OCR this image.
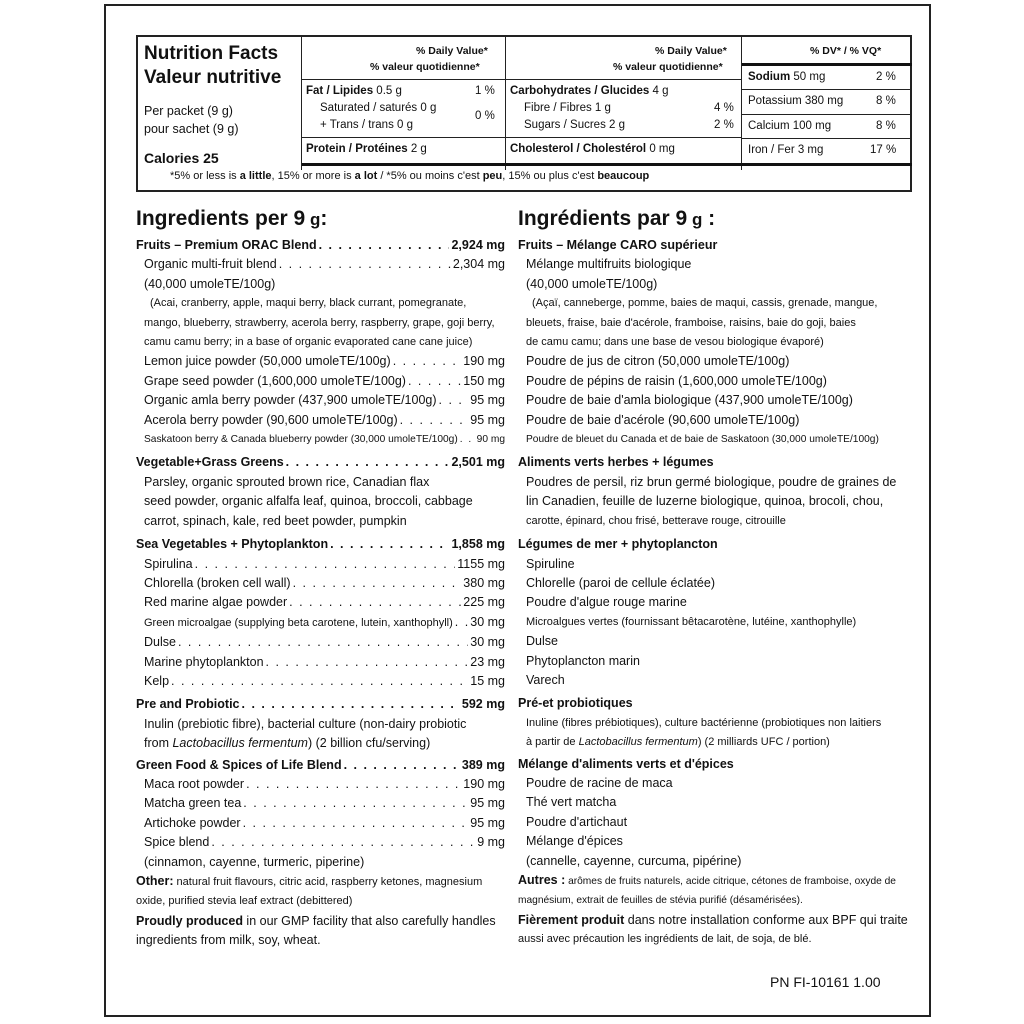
Nutrition Facts
Valeur nutritive
Per packet (9 g)
pour sachet (9 g)
Calories 25
% Daily Value*
% valeur quotidienne*
Fat / Lipides 0.5 g	1 %
Saturated / saturés 0 g
+ Trans / trans 0 g
0 %
Protein / Protéines 2 g
% Daily Value*
% valeur quotidienne*
Carbohydrates / Glucides 4 g
Fibre / Fibres 1 g	4 %
Sugars / Sucres 2 g	2 %
Cholesterol / Cholestérol 0 mg
% DV* / % VQ*
Sodium 50 mg	2 %
Potassium 380 mg	8 %
Calcium 100 mg	8 %
Iron / Fer 3 mg	17 %
*5% or less is a little, 15% or more is a lot / *5% ou moins c'est peu, 15% ou plus c'est beaucoup
Ingredients per 9 g:
Fruits – Premium ORAC Blend . . .	2,924 mg
Organic multi-fruit blend . . .	2,304 mg
(40,000 umoleTE/100g)
(Acai, cranberry, apple, maqui berry, black currant, pomegranate,
mango, blueberry, strawberry, acerola berry, raspberry, grape, goji berry,
camu camu berry; in a base of organic evaporated cane cane juice)
Lemon juice powder (50,000 umoleTE/100g) . . .	190 mg
Grape seed powder (1,600,000 umoleTE/100g) . . .	150 mg
Organic amla berry powder (437,900 umoleTE/100g) . . .	95 mg
Acerola berry powder (90,600 umoleTE/100g) . . .	95 mg
Saskatoon berry & Canada blueberry powder (30,000 umoleTE/100g) . . . 90 mg
Vegetable+Grass Greens . . .	2,501 mg
Parsley, organic sprouted brown rice, Canadian flax
seed powder, organic alfalfa leaf, quinoa, broccoli, cabbage
carrot, spinach, kale, red beet powder, pumpkin
Sea Vegetables + Phytoplankton . . .	1,858 mg
Spirulina . . .	1155 mg
Chlorella (broken cell wall) . . .	380 mg
Red marine algae powder . . .	225 mg
Green microalgae (supplying beta carotene, lutein, xanthophyll) . . . 30 mg
Dulse . . .	30 mg
Marine phytoplankton . . .	23 mg
Kelp . . .	15 mg
Pre and Probiotic . . .	592 mg
Inulin (prebiotic fibre), bacterial culture (non-dairy probiotic
from Lactobacillus fermentum) (2 billion cfu/serving)
Green Food & Spices of Life Blend . . .	389 mg
Maca root powder . . .	190 mg
Matcha green tea . . .	95 mg
Artichoke powder . . .	95 mg
Spice blend . . .	9 mg
(cinnamon, cayenne, turmeric, piperine)
Other: natural fruit flavours, citric acid, raspberry ketones, magnesium
oxide, purified stevia leaf extract (debittered)
Proudly produced in our GMP facility that also carefully handles
ingredients from milk, soy, wheat.
Ingrédients par 9 g :
Fruits – Mélange CARO supérieur
Mélange multifruits biologique
(40,000 umoleTE/100g)
(Açaï, canneberge, pomme, baies de maqui, cassis, grenade, mangue,
bleuets, fraise, baie d'acérole, framboise, raisins, baie do goji, baies
de camu camu; dans une base de vesou biologique évaporé)
Poudre de jus de citron (50,000 umoleTE/100g)
Poudre de pépins de raisin (1,600,000 umoleTE/100g)
Poudre de baie d'amla biologique (437,900 umoleTE/100g)
Poudre de baie d'acérole (90,600 umoleTE/100g)
Poudre de bleuet du Canada et de baie de Saskatoon (30,000 umoleTE/100g)
Aliments verts herbes + légumes
Poudres de persil, riz brun germé biologique, poudre de graines de
lin Canadien, feuille de luzerne biologique, quinoa, brocoli, chou,
carotte, épinard, chou frisé, betterave rouge, citrouille
Légumes de mer + phytoplancton
Spiruline
Chlorelle (paroi de cellule éclatée)
Poudre d'algue rouge marine
Microalgues vertes (fournissant bêtacarotène, lutéine, xanthophylle)
Dulse
Phytoplancton marin
Varech
Pré-et probiotiques
Inuline (fibres prébiotiques), culture bactérienne (probiotiques non laitiers
à partir de Lactobacillus fermentum) (2 milliards UFC / portion)
Mélange d'aliments verts et d'épices
Poudre de racine de maca
Thé vert matcha
Poudre d'artichaut
Mélange d'épices
(cannelle, cayenne, curcuma, pipérine)
Autres : arômes de fruits naturels, acide citrique, cétones de framboise, oxyde de
magnésium, extrait de feuilles de stévia purifié (désamérisées).
Fièrement produit dans notre installation conforme aux BPF qui traite
aussi avec précaution les ingrédients de lait, de soja, de blé.
PN FI-10161 1.00
